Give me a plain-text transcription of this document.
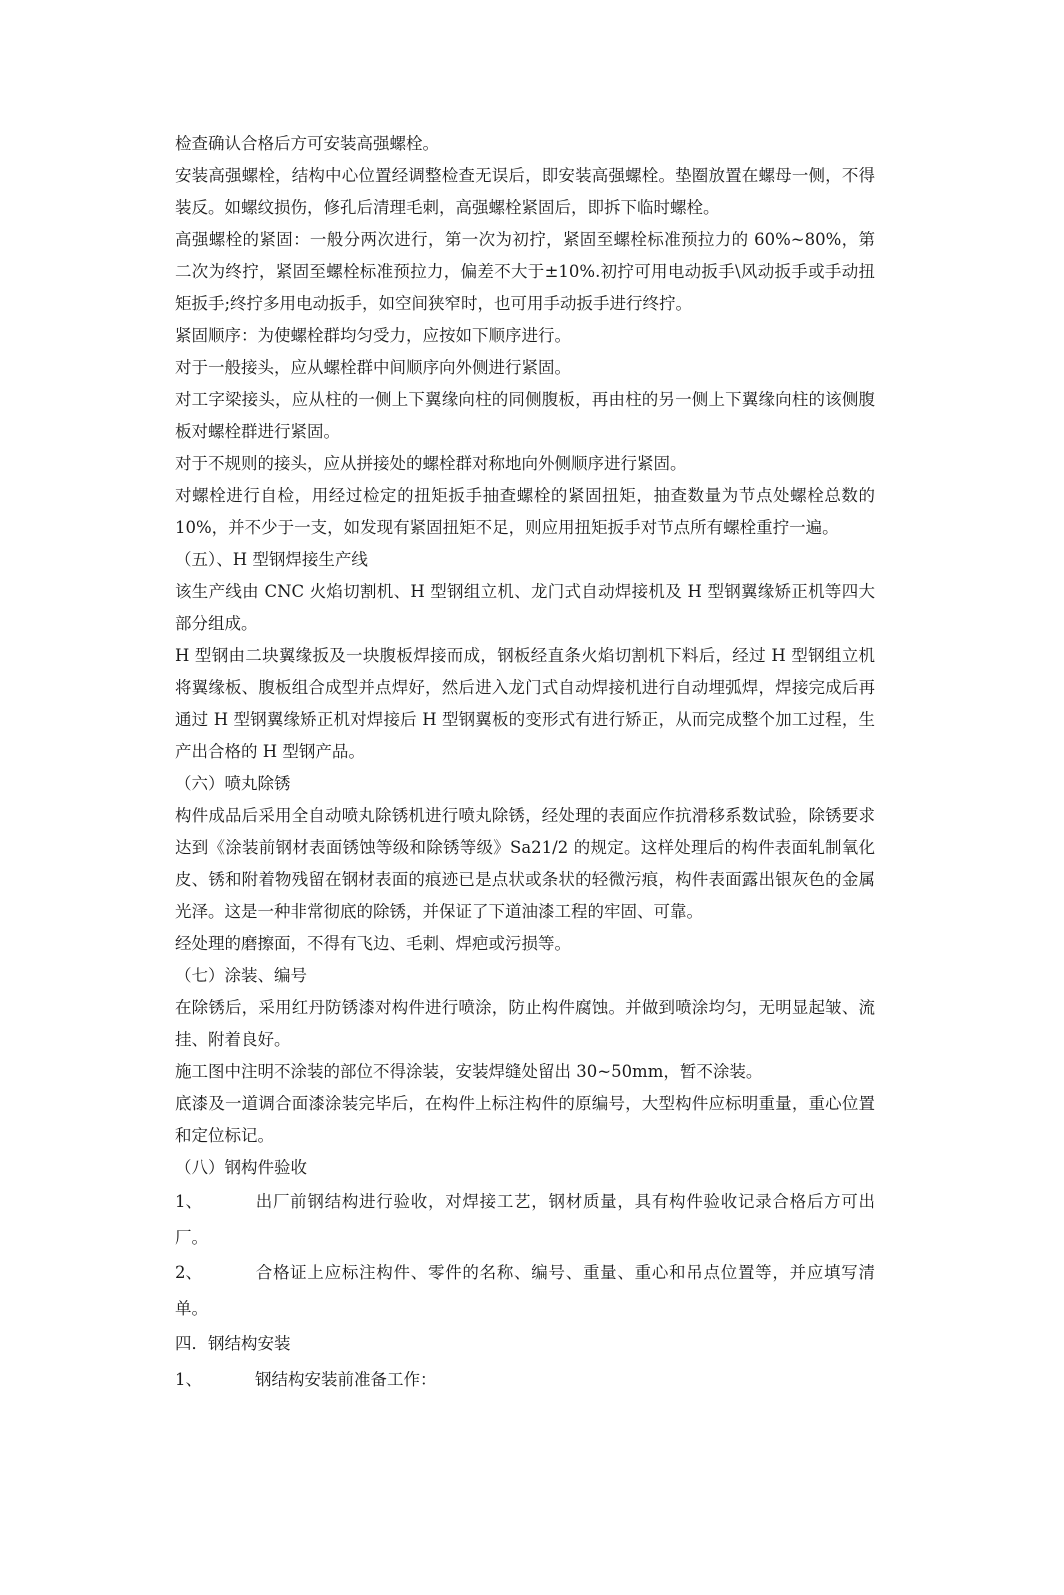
检查确认合格后方可安装高强螺栓。

安装高强螺栓，结构中心位置经调整检查无误后，即安装高强螺栓。垫圈放置在螺母一侧，不得装反。如螺纹损伤，修孔后清理毛刺，高强螺栓紧固后，即拆下临时螺栓。

高强螺栓的紧固：一般分两次进行，第一次为初拧，紧固至螺栓标准预拉力的 60%~80%，第二次为终拧，紧固至螺栓标准预拉力，偏差不大于±10%.初拧可用电动扳手\风动扳手或手动扭矩扳手;终拧多用电动扳手，如空间狭窄时，也可用手动扳手进行终拧。

紧固顺序：为使螺栓群均匀受力，应按如下顺序进行。

对于一般接头，应从螺栓群中间顺序向外侧进行紧固。

对工字梁接头，应从柱的一侧上下翼缘向柱的同侧腹板，再由柱的另一侧上下翼缘向柱的该侧腹板对螺栓群进行紧固。

对于不规则的接头，应从拼接处的螺栓群对称地向外侧顺序进行紧固。

对螺栓进行自检，用经过检定的扭矩扳手抽查螺栓的紧固扭矩，抽查数量为节点处螺栓总数的 10%，并不少于一支，如发现有紧固扭矩不足，则应用扭矩扳手对节点所有螺栓重拧一遍。

（五）、H 型钢焊接生产线

该生产线由 CNC 火焰切割机、H 型钢组立机、龙门式自动焊接机及 H 型钢翼缘矫正机等四大部分组成。

H 型钢由二块翼缘扳及一块腹板焊接而成，钢板经直条火焰切割机下料后，经过 H 型钢组立机将翼缘板、腹板组合成型并点焊好，然后进入龙门式自动焊接机进行自动埋弧焊，焊接完成后再通过 H 型钢翼缘矫正机对焊接后 H 型钢翼板的变形式有进行矫正，从而完成整个加工过程，生产出合格的 H 型钢产品。

（六）喷丸除锈

构件成品后采用全自动喷丸除锈机进行喷丸除锈，经处理的表面应作抗滑移系数试验，除锈要求达到《涂装前钢材表面锈蚀等级和除锈等级》Sa21/2 的规定。这样处理后的构件表面轧制氧化皮、锈和附着物残留在钢材表面的痕迹已是点状或条状的轻微污痕，构件表面露出银灰色的金属光泽。这是一种非常彻底的除锈，并保证了下道油漆工程的牢固、可靠。

经处理的磨擦面，不得有飞边、毛刺、焊疤或污损等。

（七）涂装、编号

在除锈后，采用红丹防锈漆对构件进行喷涂，防止构件腐蚀。并做到喷涂均匀，无明显起皱、流挂、附着良好。

施工图中注明不涂装的部位不得涂装，安装焊缝处留出 30~50mm，暂不涂装。

底漆及一道调合面漆涂装完毕后，在构件上标注构件的原编号，大型构件应标明重量，重心位置和定位标记。

（八）钢构件验收

1、	出厂前钢结构进行验收，对焊接工艺，钢材质量，具有构件验收记录合格后方可出厂。

2、	合格证上应标注构件、零件的名称、编号、重量、重心和吊点位置等，并应填写清单。

四．钢结构安装

1、	钢结构安装前准备工作：
